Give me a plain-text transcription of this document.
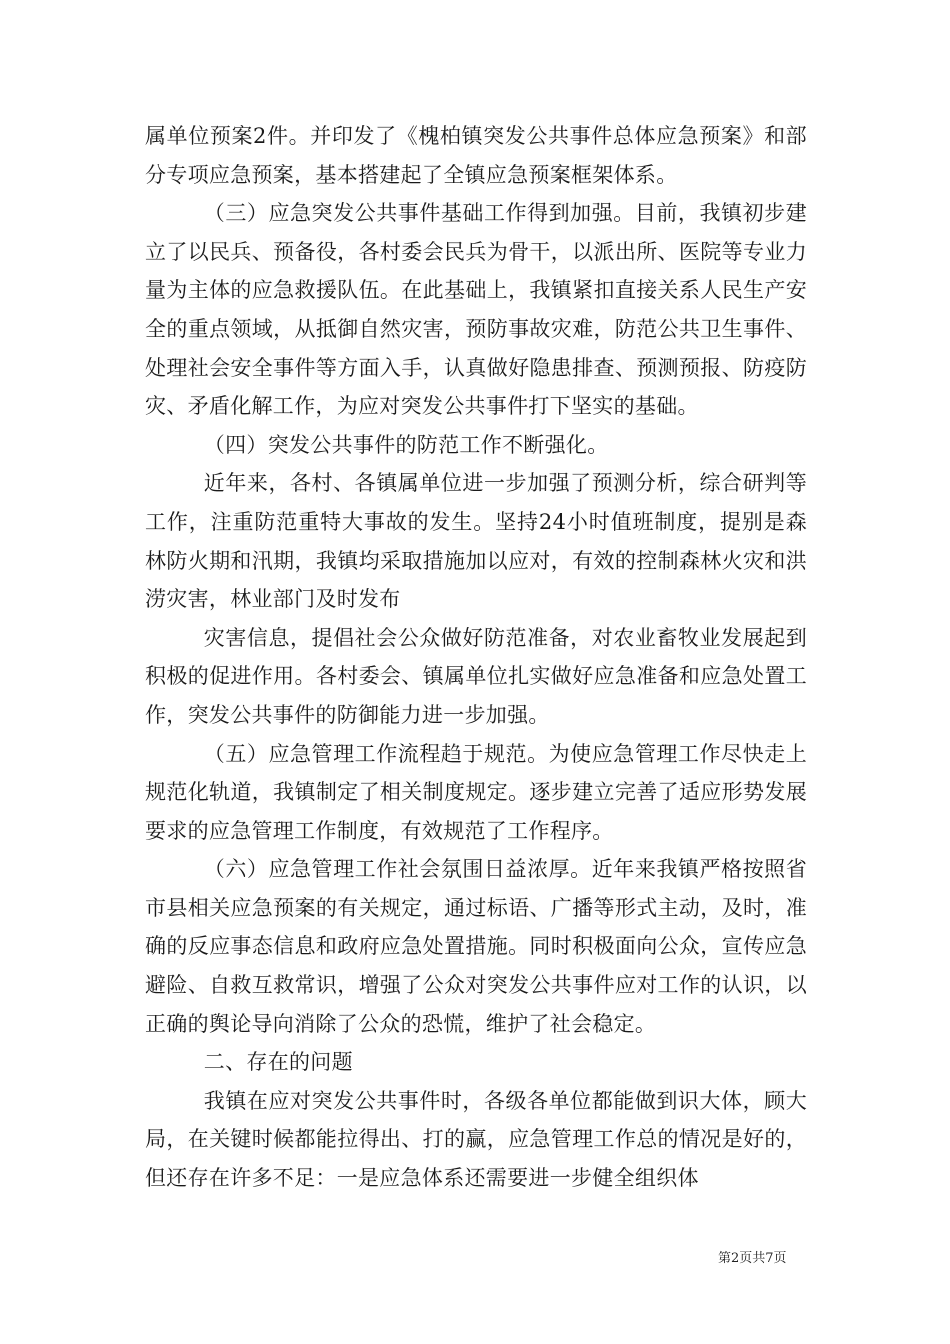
属单位预案2件。并印发了《槐柏镇突发公共事件总体应急预案》和部分专项应急预案，基本搭建起了全镇应急预案框架体系。

（三）应急突发公共事件基础工作得到加强。目前，我镇初步建立了以民兵、预备役，各村委会民兵为骨干，以派出所、医院等专业力量为主体的应急救援队伍。在此基础上，我镇紧扣直接关系人民生产安全的重点领域，从抵御自然灾害，预防事故灾难，防范公共卫生事件、处理社会安全事件等方面入手，认真做好隐患排查、预测预报、防疫防灾、矛盾化解工作，为应对突发公共事件打下坚实的基础。

（四）突发公共事件的防范工作不断强化。

近年来，各村、各镇属单位进一步加强了预测分析，综合研判等工作，注重防范重特大事故的发生。坚持24小时值班制度，提别是森林防火期和汛期，我镇均采取措施加以应对，有效的控制森林火灾和洪涝灾害，林业部门及时发布

灾害信息，提倡社会公众做好防范准备，对农业畜牧业发展起到积极的促进作用。各村委会、镇属单位扎实做好应急准备和应急处置工作，突发公共事件的防御能力进一步加强。

（五）应急管理工作流程趋于规范。为使应急管理工作尽快走上规范化轨道，我镇制定了相关制度规定。逐步建立完善了适应形势发展要求的应急管理工作制度，有效规范了工作程序。

（六）应急管理工作社会氛围日益浓厚。近年来我镇严格按照省市县相关应急预案的有关规定，通过标语、广播等形式主动，及时，准确的反应事态信息和政府应急处置措施。同时积极面向公众，宣传应急避险、自救互救常识，增强了公众对突发公共事件应对工作的认识，以正确的舆论导向消除了公众的恐慌，维护了社会稳定。

二、存在的问题

我镇在应对突发公共事件时，各级各单位都能做到识大体，顾大局，在关键时候都能拉得出、打的赢，应急管理工作总的情况是好的，但还存在许多不足：一是应急体系还需要进一步健全组织体

第2页共7页
